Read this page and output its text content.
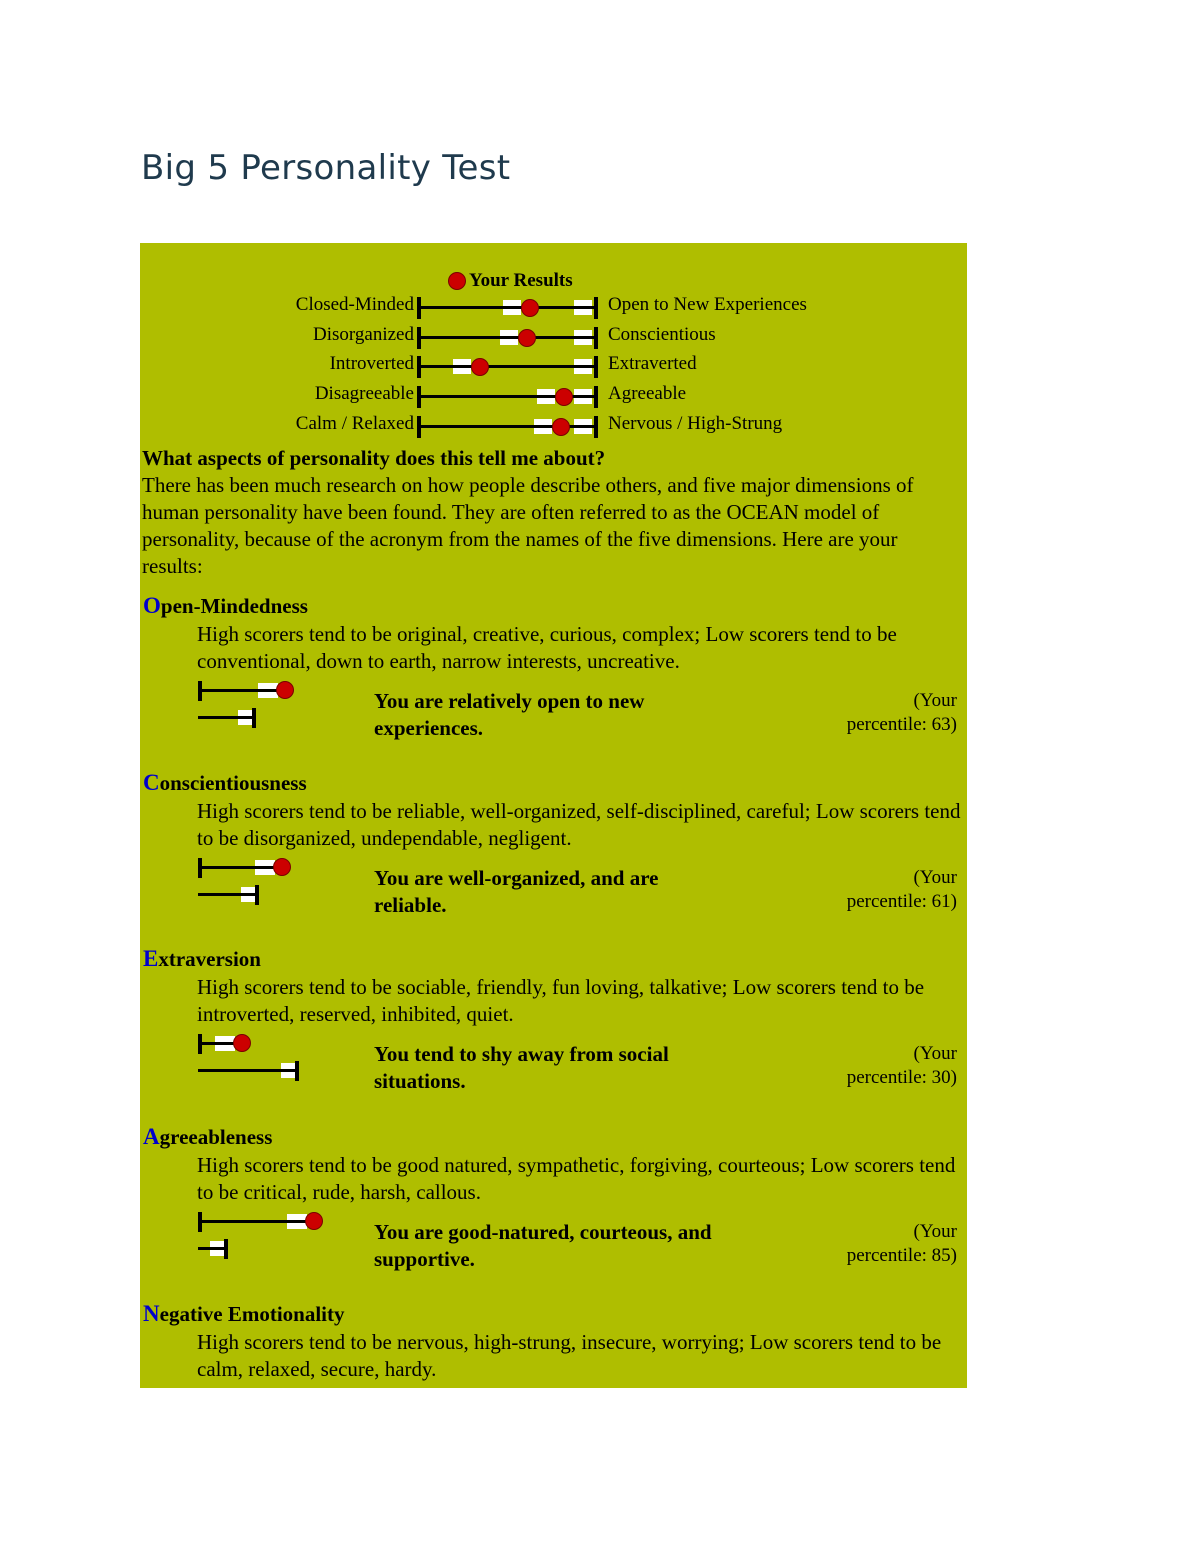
Big 5 Personality Test
Your Results
Closed-Minded	Open to New Experiences
Disorganized	Conscientious
Introverted	Extraverted
Disagreeable	Agreeable
Calm / Relaxed	Nervous / High-Strung
What aspects of personality does this tell me about?
There has been much research on how people describe others, and five major dimensions of human personality have been found. They are often referred to as the OCEAN model of personality, because of the acronym from the names of the five dimensions. Here are your results:
Open-Mindedness
High scorers tend to be original, creative, curious, complex; Low scorers tend to be conventional, down to earth, narrow interests, uncreative.
You are relatively open to new experiences.
(Your
percentile: 63)
Conscientiousness
High scorers tend to be reliable, well-organized, self-disciplined, careful; Low scorers tend to be disorganized, undependable, negligent.
You are well-organized, and are reliable.
(Your
percentile: 61)
Extraversion
High scorers tend to be sociable, friendly, fun loving, talkative; Low scorers tend to be introverted, reserved, inhibited, quiet.
You tend to shy away from social situations.
(Your
percentile: 30)
Agreeableness
High scorers tend to be good natured, sympathetic, forgiving, courteous; Low scorers tend to be critical, rude, harsh, callous.
You are good-natured, courteous, and supportive.
(Your
percentile: 85)
Negative Emotionality
High scorers tend to be nervous, high-strung, insecure, worrying; Low scorers tend to be calm, relaxed, secure, hardy.
